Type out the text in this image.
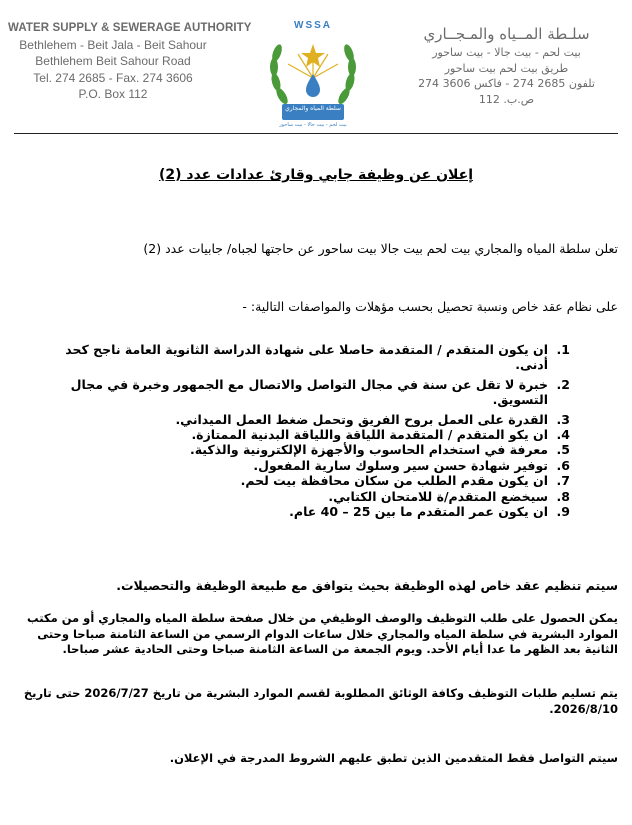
WATER SUPPLY & SEWERAGE AUTHORITY
Bethlehem - Beit Jala - Beit Sahour
Bethlehem Beit Sahour Road
Tel. 274 2685 - Fax. 274 3606
P.O. Box 112
WSSA
سلطة المياه والمجاري
بيت لحم - بيت جالا - بيت ساحور
سلـطة المــياه والمـجــاري
بيت لحم - بيت جالا - بيت ساحور
طريق بيت لحم بيت ساحور
تلفون 2685 274 - فاكس 3606 274
ص.ب. 112
إعلان عن وظيفة جابي وقارئ عدادات عدد (2)
تعلن سلطة المياه والمجاري بيت لحم بيت جالا بيت ساحور عن حاجتها لجباه/ جابيات عدد (2)
على نظام عقد خاص ونسبة تحصيل بحسب مؤهلات والمواصفات التالية: -
1.
ان يكون المتقدم / المتقدمة حاصلا على شهادة الدراسة الثانوية العامة ناجح كحد أدنى.
2.
خبرة لا تقل عن سنة في مجال التواصل والاتصال مع الجمهور وخبرة في مجال التسويق.
3.
القدرة على العمل بروح الفريق وتحمل ضغط العمل الميداني.
4.
ان يكو المتقدم / المتقدمة اللياقة واللياقة البدنية الممتازة.
5.
معرفة في استخدام الحاسوب والأجهزة الإلكترونية والذكية.
6.
توفير شهادة حسن سير وسلوك سارية المفعول.
7.
ان يكون مقدم الطلب من سكان محافظة بيت لحم.
8.
سيخضع المتقدم/ة للامتحان الكتابي.
9.
ان يكون عمر المتقدم ما بين 25 – 40 عام.
سيتم تنظيم عقد خاص لهذه الوظيفة بحيث يتوافق مع طبيعة الوظيفة والتحصيلات.
يمكن الحصول على طلب التوظيف والوصف الوظيفي من خلال صفحة سلطة المياه والمجاري أو من مكتب الموارد البشرية في سلطة المياه والمجاري خلال ساعات الدوام الرسمي من الساعة الثامنة صباحا وحتى الثانية بعد الظهر ما عدا أيام الأحد. ويوم الجمعة من الساعة الثامنة صباحا وحتى الحادية عشر صباحا.
يتم تسليم طلبات التوظيف وكافة الوثائق المطلوبة لقسم الموارد البشرية من تاريخ 2026/7/27 حتى تاريخ 2026/8/10.
سيتم التواصل فقط المتقدمين الذين تطبق عليهم الشروط المدرجة في الإعلان.
